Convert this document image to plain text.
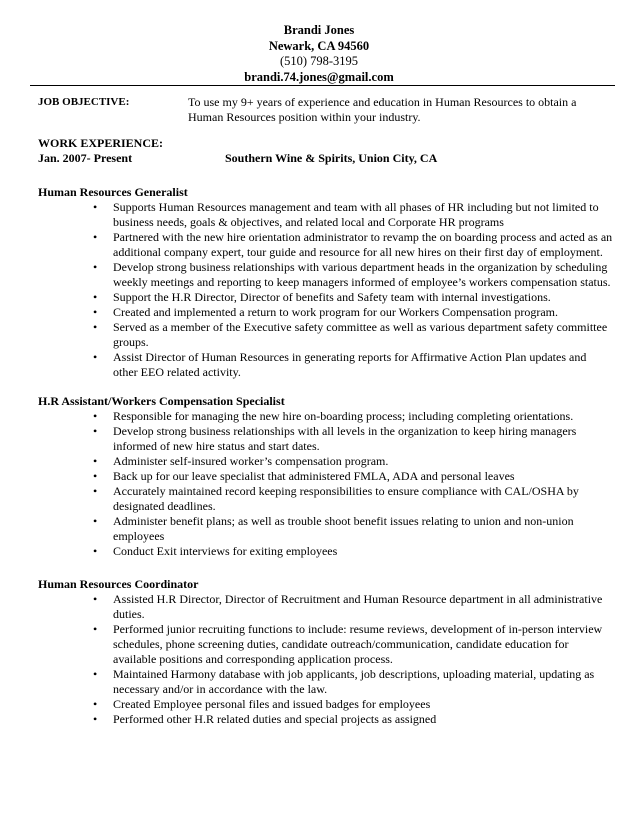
Brandi Jones
Newark, CA 94560
(510) 798-3195
brandi.74.jones@gmail.com
JOB OBJECTIVE:	To use my 9+ years of experience and education in Human Resources to obtain a Human Resources position within your industry.
WORK EXPERIENCE:
Jan. 2007- Present	Southern Wine & Spirits, Union City, CA
Human Resources Generalist
• Supports Human Resources management and team with all phases of HR including but not limited to business needs, goals & objectives, and related local and Corporate HR programs
• Partnered with the new hire orientation administrator to revamp the on boarding process and acted as an additional company expert, tour guide and resource for all new hires on their first day of employment.
• Develop strong business relationships with various department heads in the organization by scheduling weekly meetings and reporting to keep managers informed of employee’s workers compensation status.
• Support the H.R Director, Director of benefits and Safety team with internal investigations.
• Created and implemented a return to work program for our Workers Compensation program.
• Served as a member of the Executive safety committee as well as various department safety committee groups.
• Assist Director of Human Resources in generating reports for Affirmative Action Plan updates and other EEO related activity.
H.R Assistant/Workers Compensation Specialist
• Responsible for managing the new hire on-boarding process; including completing orientations.
• Develop strong business relationships with all levels in the organization to keep hiring managers informed of new hire status and start dates.
• Administer self-insured worker’s compensation program.
• Back up for our leave specialist that administered FMLA, ADA and personal leaves
• Accurately maintained record keeping responsibilities to ensure compliance with CAL/OSHA by designated deadlines.
• Administer benefit plans; as well as trouble shoot benefit issues relating to union and non-union employees
• Conduct Exit interviews for exiting employees
Human Resources Coordinator
• Assisted H.R Director, Director of Recruitment and Human Resource department in all administrative duties.
• Performed junior recruiting functions to include: resume reviews, development of in-person interview schedules, phone screening duties, candidate outreach/communication, candidate education for available positions and corresponding application process.
• Maintained Harmony database with job applicants, job descriptions, uploading material, updating as necessary and/or in accordance with the law.
• Created Employee personal files and issued badges for employees
• Performed other H.R related duties and special projects as assigned
